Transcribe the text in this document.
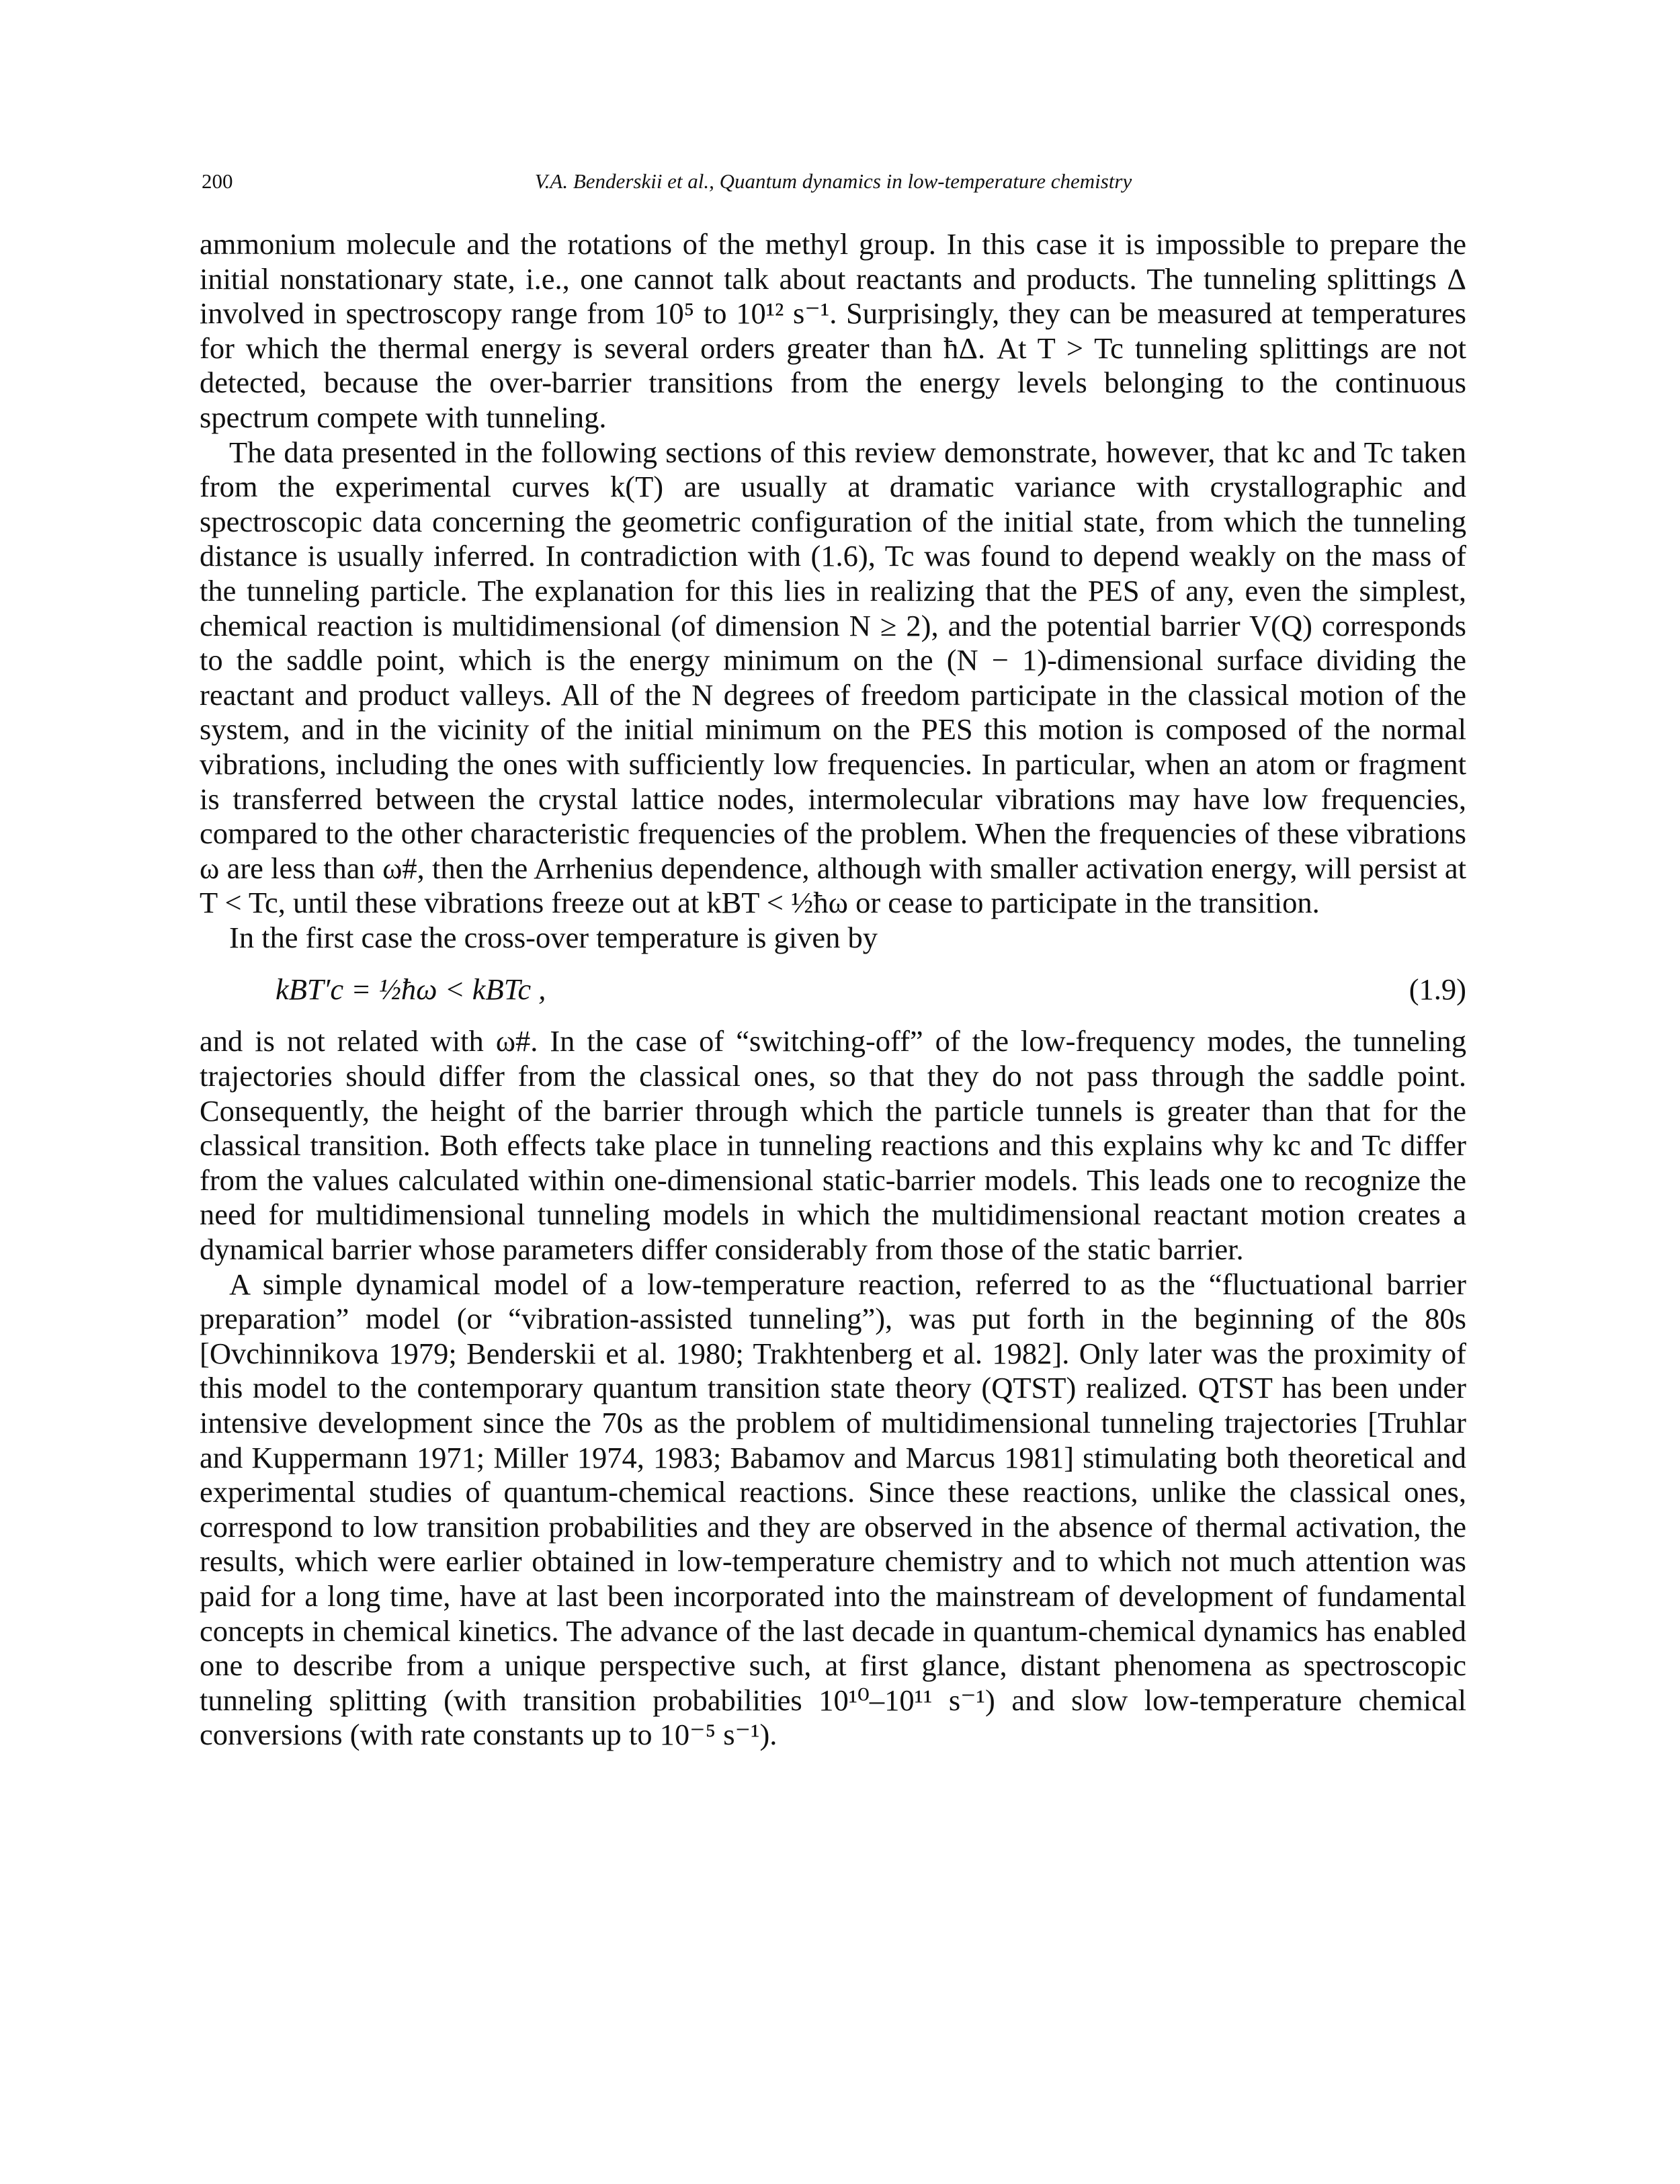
200	V.A. Benderskii et al., Quantum dynamics in low-temperature chemistry

ammonium molecule and the rotations of the methyl group. In this case it is impossible to prepare the initial nonstationary state, i.e., one cannot talk about reactants and products. The tunneling splittings Δ involved in spectroscopy range from 10⁵ to 10¹² s⁻¹. Surprisingly, they can be measured at temperatures for which the thermal energy is several orders greater than ħΔ. At T > Tc tunneling splittings are not detected, because the over-barrier transitions from the energy levels belonging to the continuous spectrum compete with tunneling.

The data presented in the following sections of this review demonstrate, however, that kc and Tc taken from the experimental curves k(T) are usually at dramatic variance with crystallographic and spectroscopic data concerning the geometric configuration of the initial state, from which the tunneling distance is usually inferred. In contradiction with (1.6), Tc was found to depend weakly on the mass of the tunneling particle. The explanation for this lies in realizing that the PES of any, even the simplest, chemical reaction is multidimensional (of dimension N ≥ 2), and the potential barrier V(Q) corresponds to the saddle point, which is the energy minimum on the (N − 1)-dimensional surface dividing the reactant and product valleys. All of the N degrees of freedom participate in the classical motion of the system, and in the vicinity of the initial minimum on the PES this motion is composed of the normal vibrations, including the ones with sufficiently low frequencies. In particular, when an atom or fragment is transferred between the crystal lattice nodes, intermolecular vibrations may have low frequencies, compared to the other characteristic frequencies of the problem. When the frequencies of these vibrations ω are less than ω#, then the Arrhenius dependence, although with smaller activation energy, will persist at T < Tc, until these vibrations freeze out at kBT < ½ħω or cease to participate in the transition.

In the first case the cross-over temperature is given by

kBT′c = ½ħω < kBTc ,	(1.9)

and is not related with ω#. In the case of “switching-off” of the low-frequency modes, the tunneling trajectories should differ from the classical ones, so that they do not pass through the saddle point. Consequently, the height of the barrier through which the particle tunnels is greater than that for the classical transition. Both effects take place in tunneling reactions and this explains why kc and Tc differ from the values calculated within one-dimensional static-barrier models. This leads one to recognize the need for multidimensional tunneling models in which the multidimensional reactant motion creates a dynamical barrier whose parameters differ considerably from those of the static barrier.

A simple dynamical model of a low-temperature reaction, referred to as the “fluctuational barrier preparation” model (or “vibration-assisted tunneling”), was put forth in the beginning of the 80s [Ovchinnikova 1979; Benderskii et al. 1980; Trakhtenberg et al. 1982]. Only later was the proximity of this model to the contemporary quantum transition state theory (QTST) realized. QTST has been under intensive development since the 70s as the problem of multidimensional tunneling trajectories [Truhlar and Kuppermann 1971; Miller 1974, 1983; Babamov and Marcus 1981] stimulating both theoretical and experimental studies of quantum-chemical reactions. Since these reactions, unlike the classical ones, correspond to low transition probabilities and they are observed in the absence of thermal activation, the results, which were earlier obtained in low-temperature chemistry and to which not much attention was paid for a long time, have at last been incorporated into the mainstream of development of fundamental concepts in chemical kinetics. The advance of the last decade in quantum-chemical dynamics has enabled one to describe from a unique perspective such, at first glance, distant phenomena as spectroscopic tunneling splitting (with transition probabilities 10¹⁰–10¹¹ s⁻¹) and slow low-temperature chemical conversions (with rate constants up to 10⁻⁵ s⁻¹).
